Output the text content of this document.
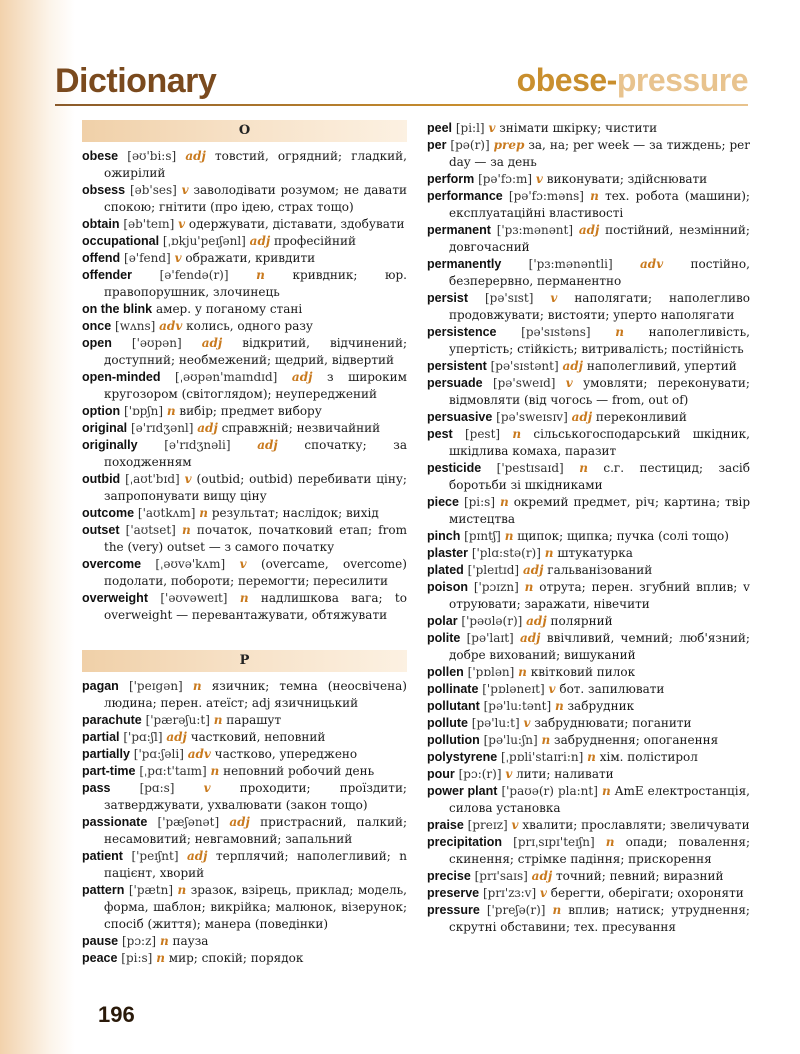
Dictionary	obese-pressure
O
obese [əʊ'bi:s] adj товстий, огрядний; гладкий, ожирілий
obsess [əb'ses] v заволодівати розумом; не давати спокою; гнітити (про ідею, страх тощо)
obtain [əb'teɪn] v одержувати, діставати, здобувати
occupational [ˌɒkju'peɪʃənl] adj професійний
offend [ə'fend] v ображати, кривдити
offender [ə'fendə(r)] n кривдник; юр. правопорушник, злочинець
on the blink амер. у поганому стані
once [wʌns] adv колись, одного разу
open ['əʊpən] adj відкритий, відчинений; доступний; необмежений; щедрий, відвертий
open-minded [ˌəʊpən'maɪndɪd] adj з широким кругозором (світоглядом); неупереджений
option ['ɒpʃn] n вибір; предмет вибору
original [ə'rɪdʒənl] adj справжній; незвичайний
originally [ə'rɪdʒnəli] adj спочатку; за походженням
outbid [ˌaʊt'bɪd] v (outbid; outbid) перебивати ціну; запропонувати вищу ціну
outcome ['aʊtkʌm] n результат; наслідок; вихід
outset ['aʊtset] n початок, початковий етап; from the (very) outset — з самого початку
overcome [ˌəʊvə'kʌm] v (overcame, overcome) подолати, побороти; перемогти; пересилити
overweight ['əʊvəweɪt] n надлишкова вага; to overweight — перевантажувати, обтяжувати
P
pagan ['peɪgən] n язичник; темна (неосвічена) людина; перен. атеїст; adj язичницький
parachute ['pærəʃu:t] n парашут
partial ['pɑ:ʃl] adj частковий, неповний
partially ['pɑ:ʃəli] adv частково, упереджено
part-time [ˌpɑ:t'taɪm] n неповний робочий день
pass [pɑ:s] v проходити; проїздити; затверджувати, ухвалювати (закон тощо)
passionate ['pæʃənət] adj пристрасний, палкий; несамовитий; невгамовний; запальний
patient ['peɪʃnt] adj терплячий; наполегливий; n пацієнт, хворий
pattern ['pætn] n зразок, взірець, приклад; модель, форма, шаблон; викрійка; малюнок, візерунок; спосіб (життя); манера (поведінки)
pause [pɔ:z] n пауза
peace [pi:s] n мир; спокій; порядок
peel [pi:l] v знімати шкірку; чистити
per [pə(r)] prep за, на; per week — за тиждень; per day — за день
perform [pə'fɔ:m] v виконувати; здійснювати
performance [pə'fɔ:məns] n тех. робота (машини); експлуатаційні властивості
permanent ['pɜ:mənənt] adj постійний, незмінний; довгочасний
permanently ['pɜ:mənəntli] adv постійно, безперервно, перманентно
persist [pə'sɪst] v наполягати; наполегливо продовжувати; вистояти; уперто наполягати
persistence [pə'sɪstəns] n наполегливість, упертість; стійкість; витривалість; постійність
persistent [pə'sɪstənt] adj наполегливий, упертий
persuade [pə'sweɪd] v умовляти; переконувати; відмовляти (від чогось — from, out of)
persuasive [pə'sweɪsɪv] adj переконливий
pest [pest] n сільськогосподарський шкідник, шкідлива комаха, паразит
pesticide ['pestɪsaɪd] n с.г. пестицид; засіб боротьби зі шкідниками
piece [pi:s] n окремий предмет, річ; картина; твір мистецтва
pinch [pɪntʃ] n щипок; щипка; пучка (солі тощо)
plaster ['plɑ:stə(r)] n штукатурка
plated ['pleɪtɪd] adj гальванізований
poison ['pɔɪzn] n отрута; перен. згубний вплив; v отруювати; заражати, нівечити
polar ['pəʊlə(r)] adj полярний
polite [pə'laɪt] adj ввічливий, чемний; люб'язний; добре вихований; вишуканий
pollen ['pɒlən] n квітковий пилок
pollinate ['pɒləneɪt] v бот. запилювати
pollutant [pə'lu:tənt] n забрудник
pollute [pə'lu:t] v забруднювати; поганити
pollution [pə'lu:ʃn] n забруднення; опоганення
polystyrene [ˌpɒli'staɪri:n] n хім. полістирол
pour [pɔ:(r)] v лити; наливати
power plant ['paʊə(r) pla:nt] n AmE електростанція, силова установка
praise [preɪz] v хвалити; прославляти; звеличувати
precipitation [prɪˌsɪpɪ'teɪʃn] n опади; повалення; скинення; стрімке падіння; прискорення
precise [prɪ'saɪs] adj точний; певний; виразний
preserve [prɪ'zɜ:v] v берегти, оберігати; охороняти
pressure ['preʃə(r)] n вплив; натиск; утруднення; скрутні обставини; тех. пресування
196
